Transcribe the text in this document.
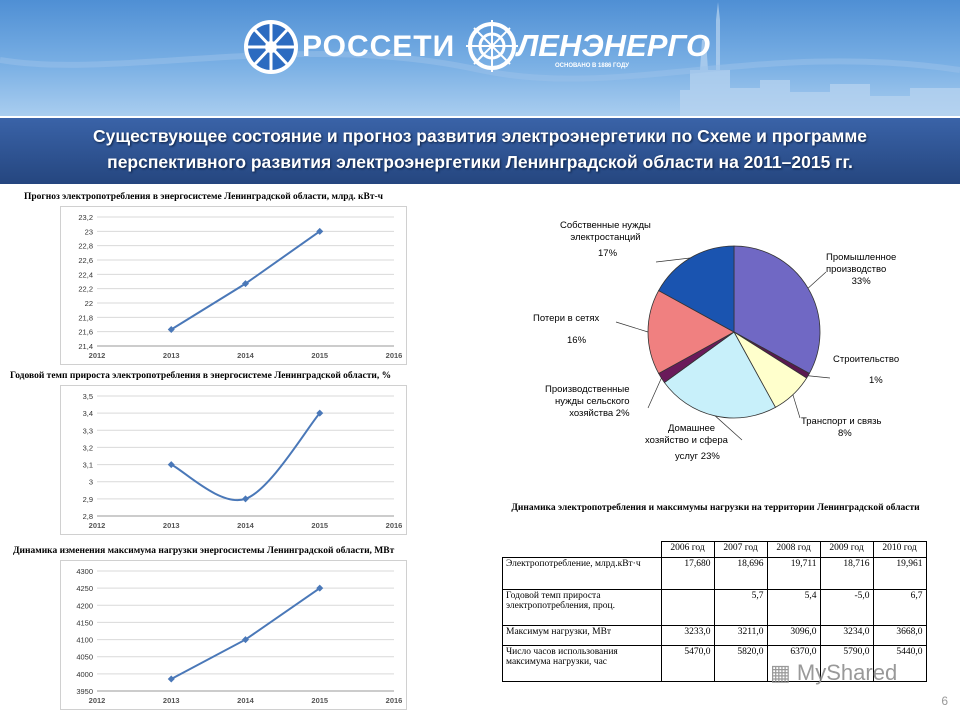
РОССЕТИ ЛЕНЭНЕРГО
ОСНОВАНО В 1886 ГОДУ
Существующее состояние и прогноз развития электроэнергетики по Схеме и программе
перспективного развития электроэнергетики Ленинградской области на 2011–2015 гг.
Прогноз электропотребления в энергосистеме Ленинградской области, млрд. кВт-ч
21,4
21,6
21,8
22
22,2
22,4
22,6
22,8
23
23,2
2012	2013	2014	2015	2016
Годовой темп прироста электропотребления в энергосистеме Ленинградской области, %
2,8
2,9
3
3,1
3,2
3,3
3,4
3,5
2012	2013	2014	2015	2016
Динамика изменения максимума нагрузки энергосистемы Ленинградской области, МВт
3950
4000
4050
4100
4150
4200
4250
4300
2012	2013	2014	2015	2016
Промышленное
производство
33%
Строительство
1%
Транспорт и связь
8%
Домашнее
хозяйство и сфера
услуг 23%
Производственные
нужды сельского
хозяйства 2%
Потери в сетях
16%
Собственные нужды
электростанций
17%
Динамика электропотребления и максимумы нагрузки на территории Ленинградской области
	2006 год	2007 год	2008 год	2009 год	2010 год
Электропотребление, млрд.кВт·ч	17,680	18,696	19,711	18,716	19,961
Годовой темп прироста электропотребления, проц.		5,7	5,4	-5,0	6,7
Максимум нагрузки, МВт	3233,0	3211,0	3096,0	3234,0	3668,0
Число часов использования максимума нагрузки, час	5470,0	5820,0	6370,0	5790,0	5440,0
▦ MyShared
6
